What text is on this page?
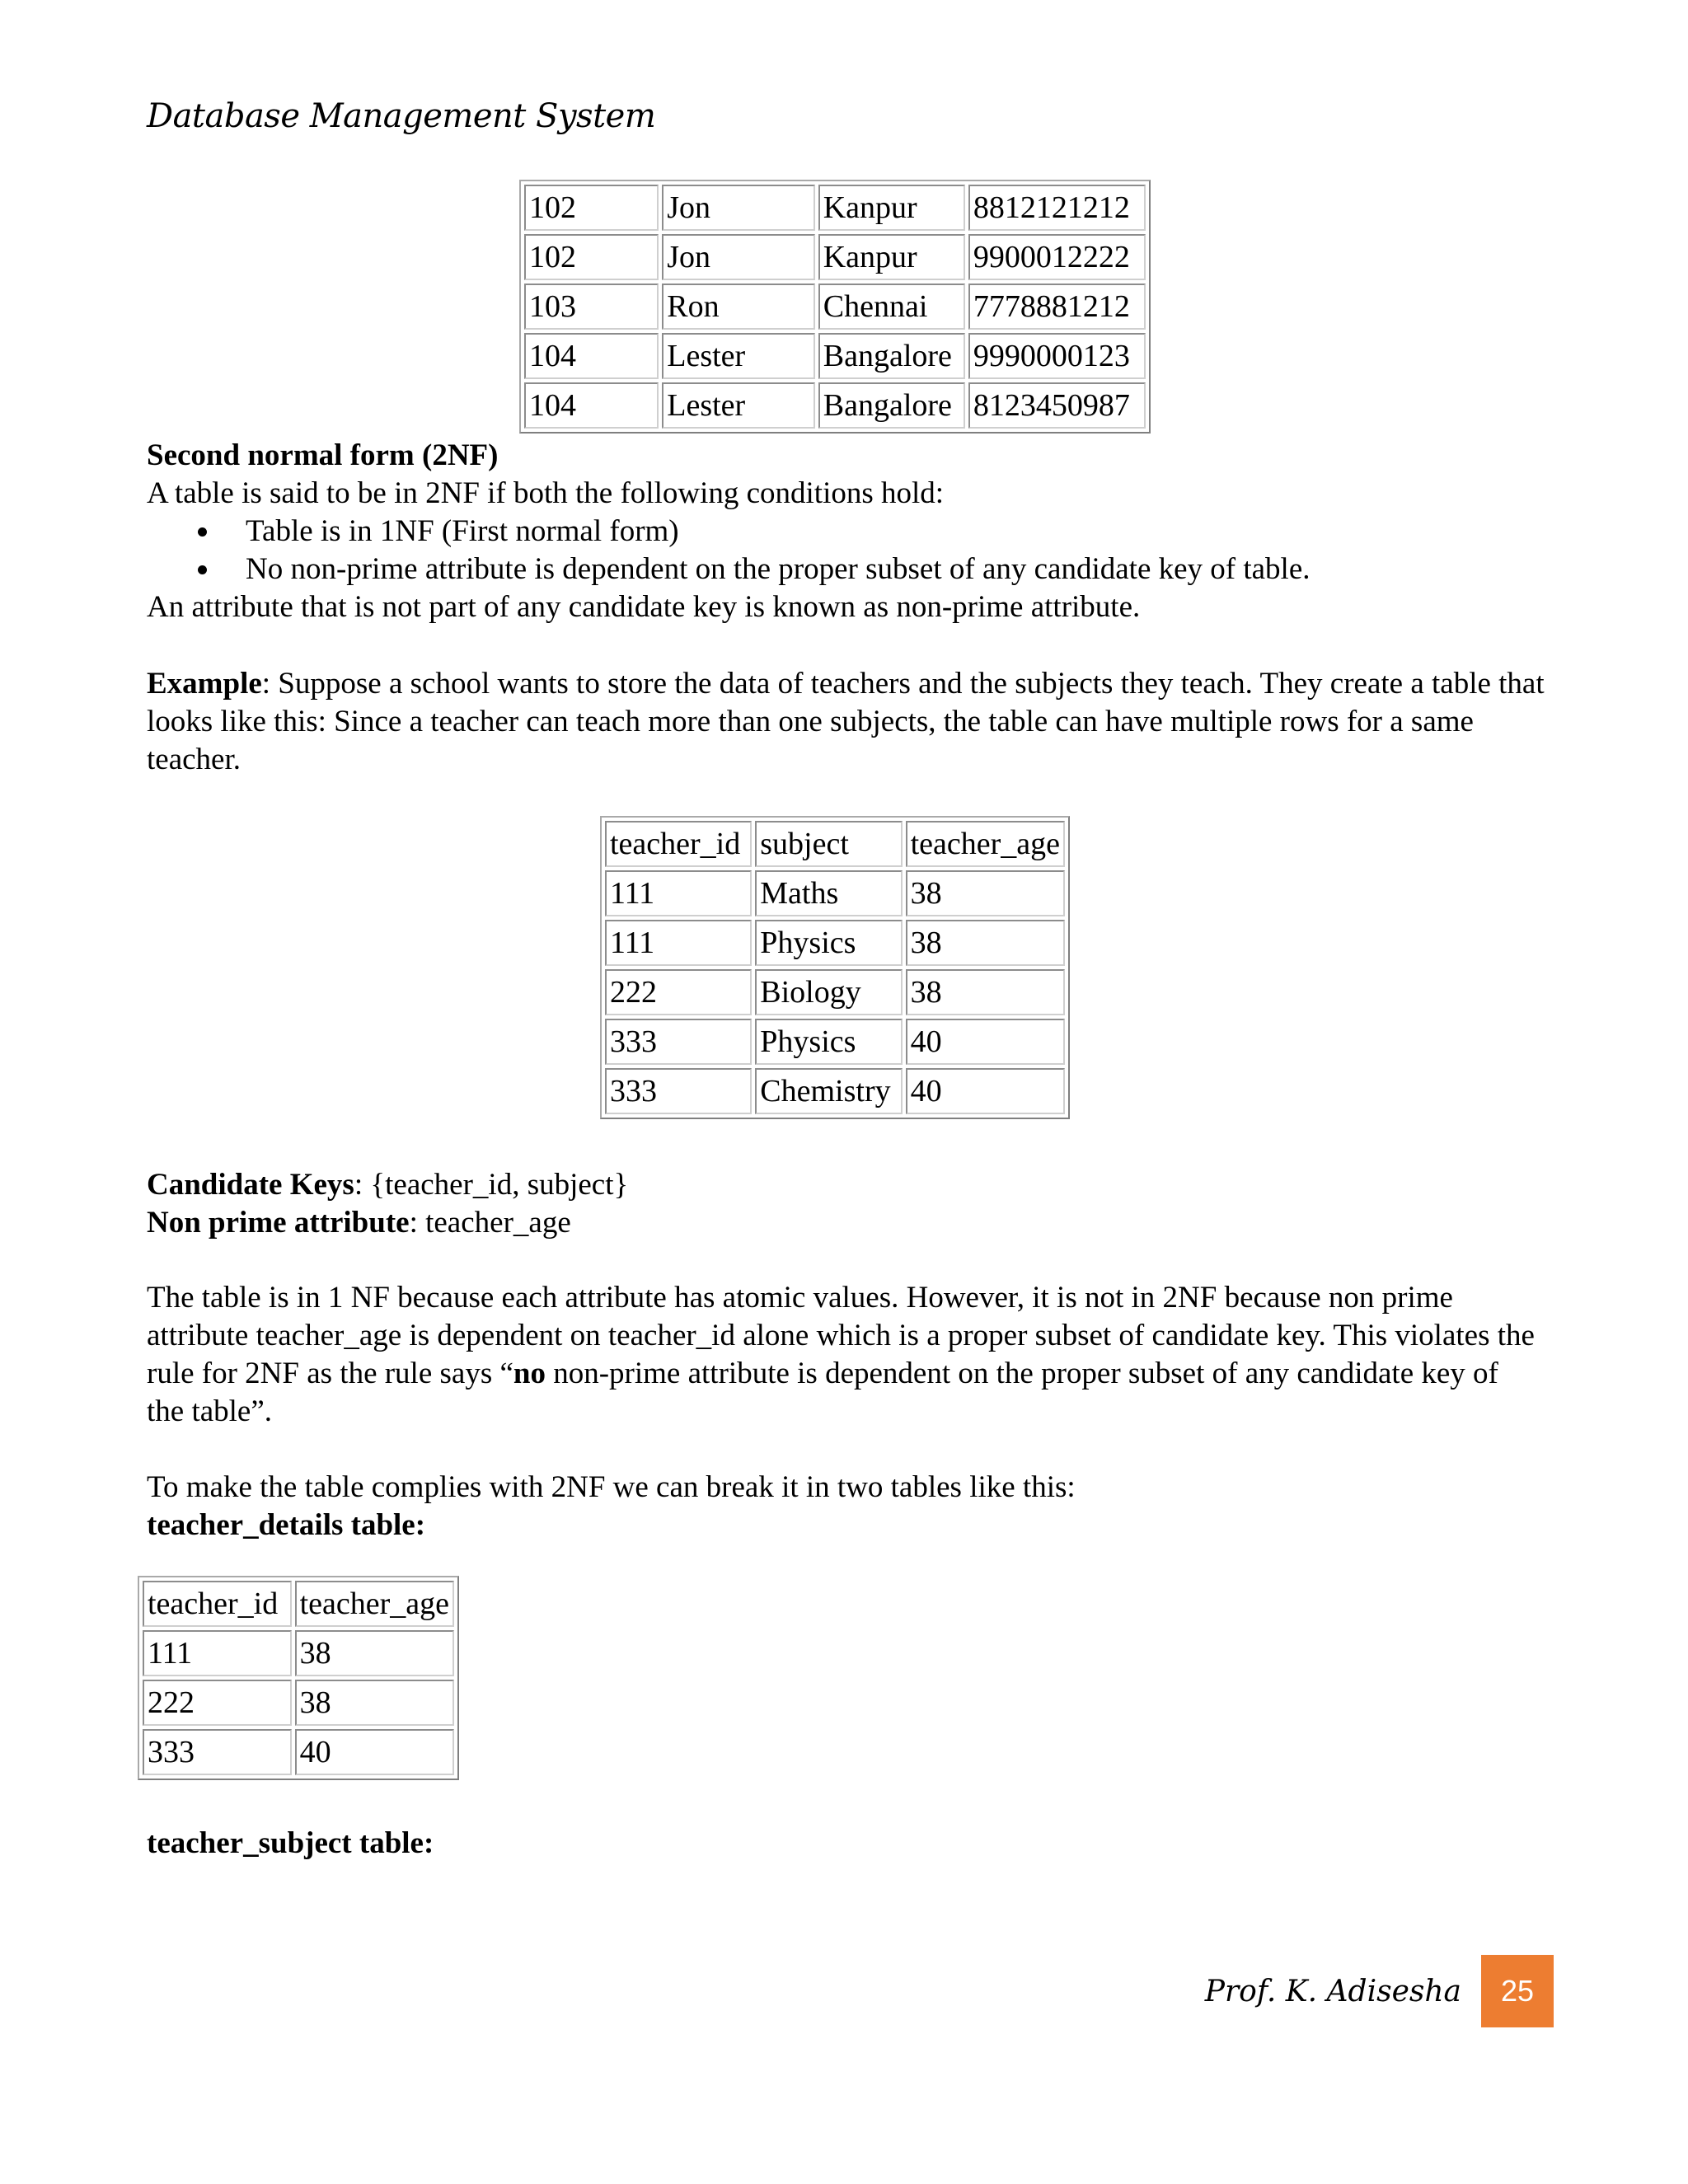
Database Management System
102	Jon	Kanpur	8812121212
102	Jon	Kanpur	9900012222
103	Ron	Chennai	7778881212
104	Lester	Bangalore	9990000123
104	Lester	Bangalore	8123450987

Second normal form (2NF)

A table is said to be in 2NF if both the following conditions hold:

Table is in 1NF (First normal form)
No non-prime attribute is dependent on the proper subset of any candidate key of table.

An attribute that is not part of any candidate key is known as non-prime attribute.

Example: Suppose a school wants to store the data of teachers and the subjects they teach. They create a table that looks like this: Since a teacher can teach more than one subjects, the table can have multiple rows for a same teacher.

teacher_id	subject	teacher_age
111	Maths	38
111	Physics	38
222	Biology	38
333	Physics	40
333	Chemistry	40

Candidate Keys: {teacher_id, subject}

Non prime attribute: teacher_age

The table is in 1 NF because each attribute has atomic values. However, it is not in 2NF because non prime attribute teacher_age is dependent on teacher_id alone which is a proper subset of candidate key. This violates the rule for 2NF as the rule says “no non-prime attribute is dependent on the proper subset of any candidate key of the table”.

To make the table complies with 2NF we can break it in two tables like this:

teacher_details table:

teacher_id	teacher_age
111	38
222	38
333	40

teacher_subject table:

Prof. K. Adisesha	25
